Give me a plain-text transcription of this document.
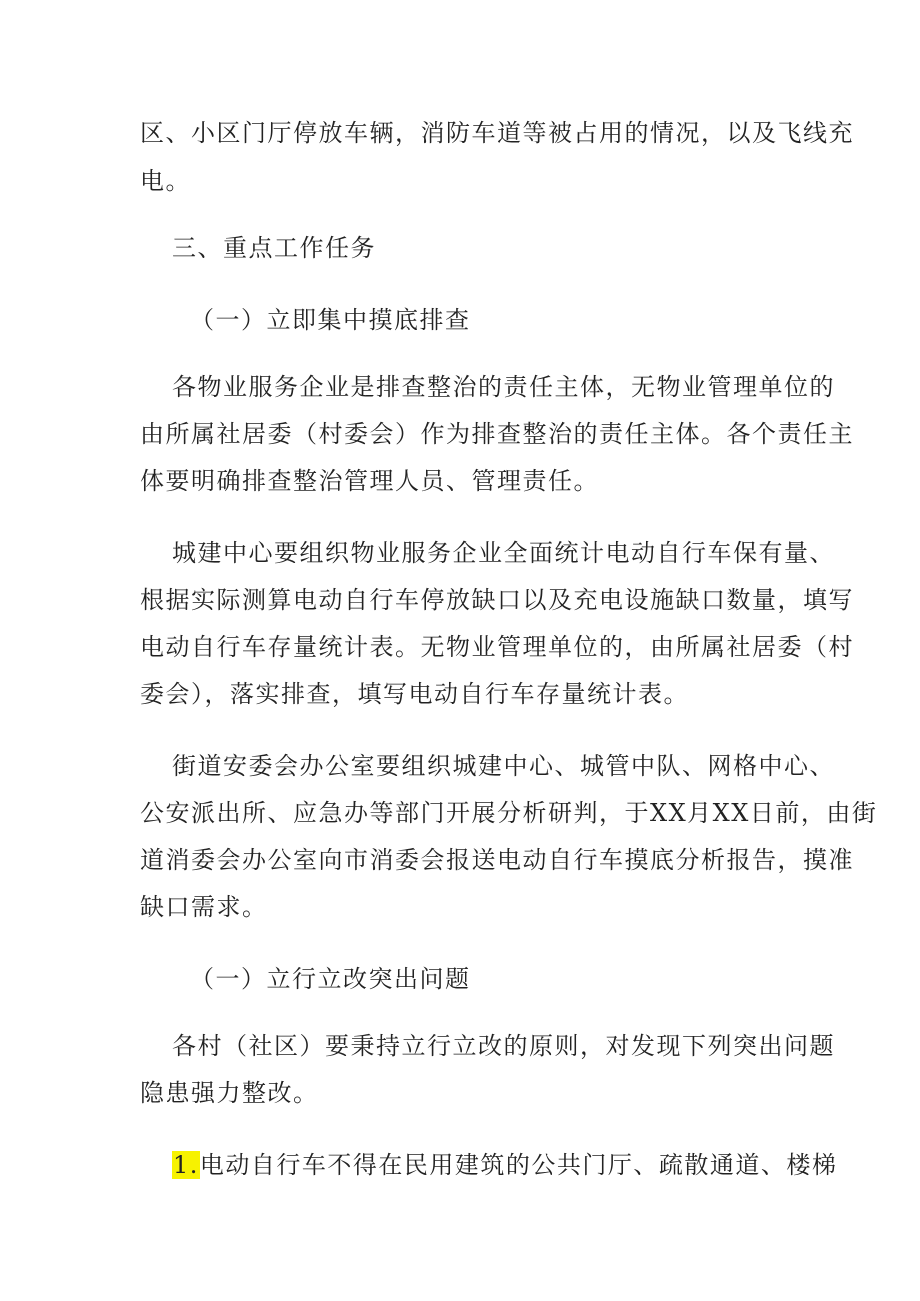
区、小区门厅停放车辆，消防车道等被占用的情况，以及飞线充
电。
三、重点工作任务
（一）立即集中摸底排查
各物业服务企业是排查整治的责任主体，无物业管理单位的
由所属社居委（村委会）作为排查整治的责任主体。各个责任主
体要明确排查整治管理人员、管理责任。
城建中心要组织物业服务企业全面统计电动自行车保有量、
根据实际测算电动自行车停放缺口以及充电设施缺口数量，填写
电动自行车存量统计表。无物业管理单位的，由所属社居委（村
委会），落实排查，填写电动自行车存量统计表。
街道安委会办公室要组织城建中心、城管中队、网格中心、
公安派出所、应急办等部门开展分析研判，于XX月XX日前，由街
道消委会办公室向市消委会报送电动自行车摸底分析报告，摸准
缺口需求。
（一）立行立改突出问题
各村（社区）要秉持立行立改的原则，对发现下列突出问题
隐患强力整改。
1.电动自行车不得在民用建筑的公共门厅、疏散通道、楼梯
